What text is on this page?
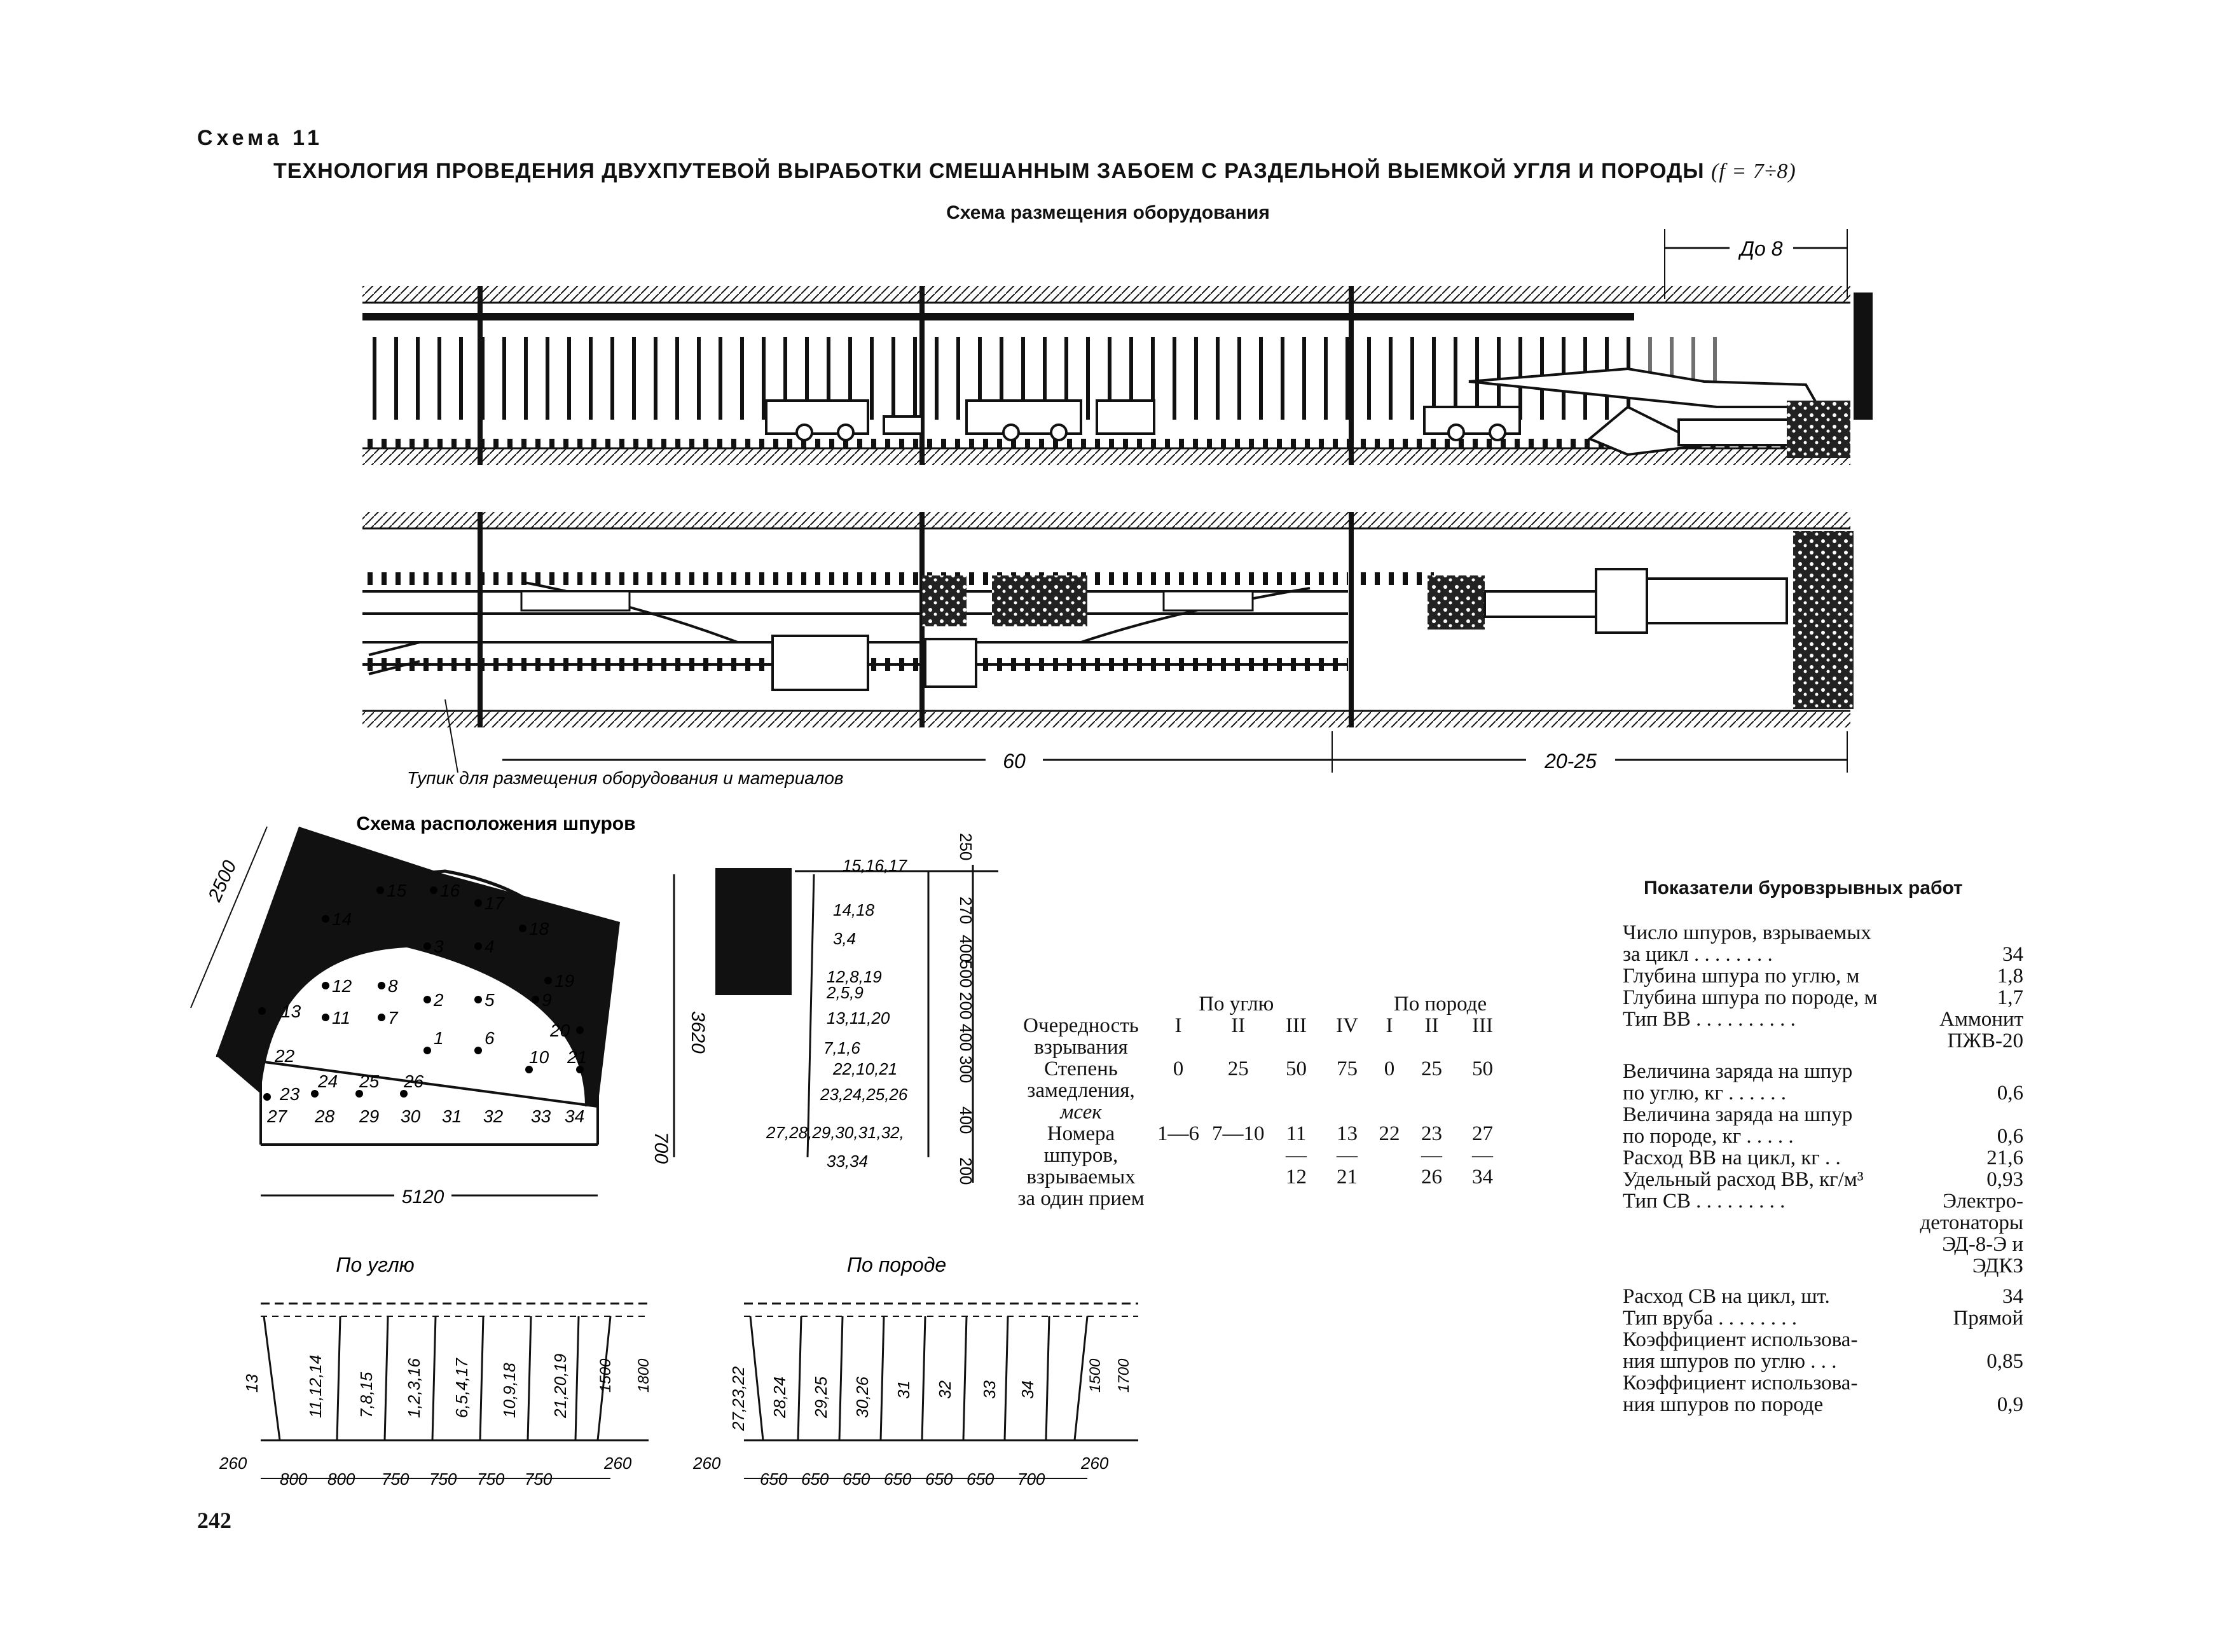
Схема 11
ТЕХНОЛОГИЯ ПРОВЕДЕНИЯ ДВУХПУТЕВОЙ ВЫРАБОТКИ СМЕШАННЫМ ЗАБОЕМ С РАЗДЕЛЬНОЙ ВЫЕМКОЙ УГЛЯ И ПОРОДЫ (f = 7÷8)
Схема размещения оборудования
До 8
60	20-25
Тупик для размещения оборудования и материалов
Схема расположения шпуров
2500
3620
700
5120
15 16
17
14	18
3 4
12 8	19
2 5	9
13 11 7
20
1 6
22	10 21
23
24 25 26
27 28 29 30 31 32 33 34
15,16,17
14,18
3,4
12,8,19
2,5,9
13,11,20
7,1,6
22,10,21
23,24,25,26
27,28,29,30,31,32,
33,34
250
270
400
500
200
400
300
400
200
	По углю				По породе		
Очередность взрывания	I	II	III	IV	I	II	III
Степень замедления,
мсек	0	25	50	75	0	25	50
Номера шпуров, взрываемых за один прием	1—6	7—10	11— 12	13— 21	22	23— 26	27— 34
По углю
13	11,12,14 7,8,15 1,2,3,16 6,5,4,17 10,9,18 21,20,19 1500 1800
260
800 800 750 750 750 750
260
По породе
27,23,22 28,24 29,25 30,26 31 32 33 34	1500 1700
260
650 650 650 650 650 650 700
260
Показатели буровзрывных работ
Число шпуров, взрываемых
за цикл . . . . . . . .	34
Глубина шпура по углю, м	1,8
Глубина шпура по породе, м	1,7
Тип ВВ . . . . . . . . . .	Аммонит
ПЖВ-20
Величина заряда на шпур
по углю, кг . . . . . .	0,6
Величина заряда на шпур
по породе, кг . . . . .	0,6
Расход ВВ на цикл, кг . .	21,6
Удельный расход ВВ, кг/м³	0,93
Тип СВ . . . . . . . . .	Электро-
детонаторы
ЭД-8-Э и
ЭДКЗ
Расход СВ на цикл, шт.	34
Тип вруба . . . . . . . .	Прямой
Коэффициент использова-
ния шпуров по углю . . .	0,85
Коэффициент использова-
ния шпуров по породе	0,9
242
